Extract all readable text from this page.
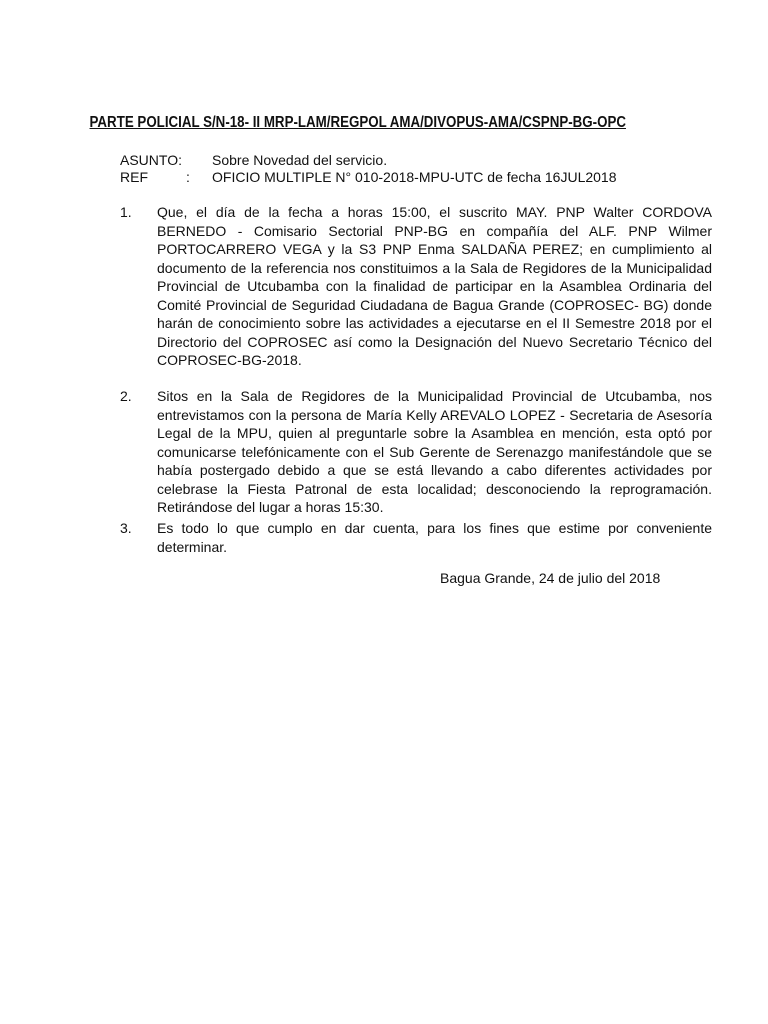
PARTE POLICIAL S/N-18- II MRP-LAM/REGPOL AMA/DIVOPUS-AMA/CSPNP-BG-OPC
ASUNTO: Sobre Novedad del servicio.
REF	: OFICIO MULTIPLE N° 010-2018-MPU-UTC de fecha 16JUL2018
1.	Que, el día de la fecha a horas 15:00, el suscrito MAY. PNP Walter CORDOVA BERNEDO - Comisario Sectorial PNP-BG en compañía del ALF. PNP Wilmer PORTOCARRERO VEGA y la S3 PNP Enma SALDAÑA PEREZ; en cumplimiento al documento de la referencia nos constituimos a la Sala de Regidores de la Municipalidad Provincial de Utcubamba con la finalidad de participar en la Asamblea Ordinaria del Comité Provincial de Seguridad Ciudadana de Bagua Grande (COPROSEC- BG) donde harán de conocimiento sobre las actividades a ejecutarse en el II Semestre 2018 por el Directorio del COPROSEC así como la Designación del Nuevo Secretario Técnico del COPROSEC-BG-2018.
2.	Sitos en la Sala de Regidores de la Municipalidad Provincial de Utcubamba, nos entrevistamos con la persona de María Kelly AREVALO LOPEZ - Secretaria de Asesoría Legal de la MPU, quien al preguntarle sobre la Asamblea en mención, esta optó por comunicarse telefónicamente con el Sub Gerente de Serenazgo manifestándole que se había postergado debido a que se está llevando a cabo diferentes actividades por celebrase la Fiesta Patronal de esta localidad; desconociendo la reprogramación. Retirándose del lugar a horas 15:30.
3.	Es todo lo que cumplo en dar cuenta, para los fines que estime por conveniente determinar.
Bagua Grande, 24 de julio del 2018
